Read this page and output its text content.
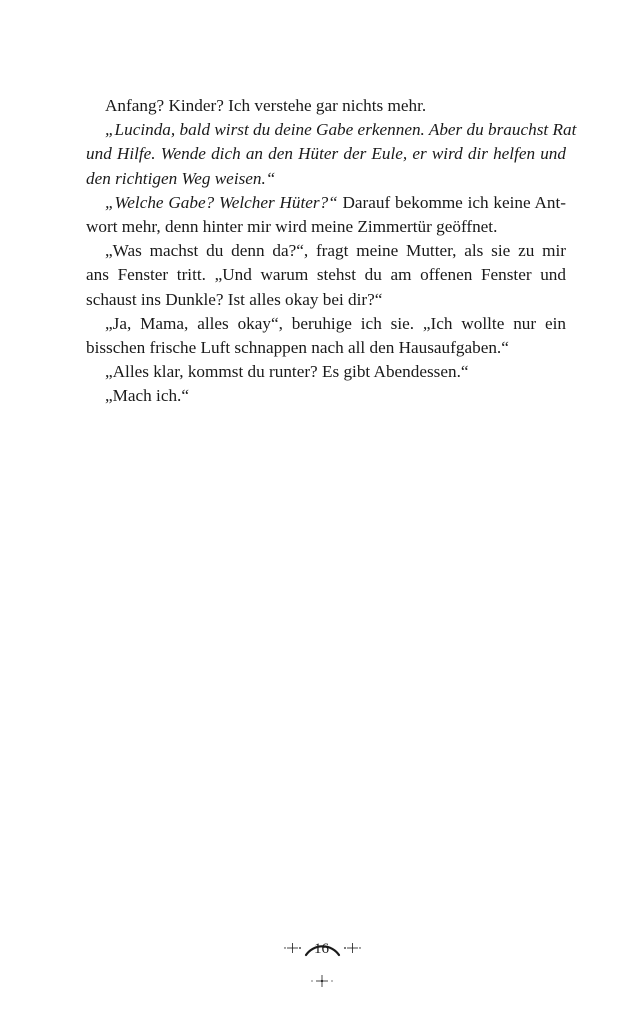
Anfang? Kinder? Ich verstehe gar nichts mehr.

„Lucinda, bald wirst du deine Gabe erkennen. Aber du brauchst Rat
und Hilfe. Wende dich an den Hüter der Eule, er wird dir helfen und
den richtigen Weg weisen.“

„Welche Gabe? Welcher Hüter?“ Darauf bekomme ich keine Ant-
wort mehr, denn hinter mir wird meine Zimmertür geöffnet.

„Was machst du denn da?“, fragt meine Mutter, als sie zu mir
ans Fenster tritt. „Und warum stehst du am offenen Fenster und
schaust ins Dunkle? Ist alles okay bei dir?“

„Ja, Mama, alles okay“, beruhige ich sie. „Ich wollte nur ein
bisschen frische Luft schnappen nach all den Hausaufgaben.“

„Alles klar, kommst du runter? Es gibt Abendessen.“

„Mach ich.“

16
